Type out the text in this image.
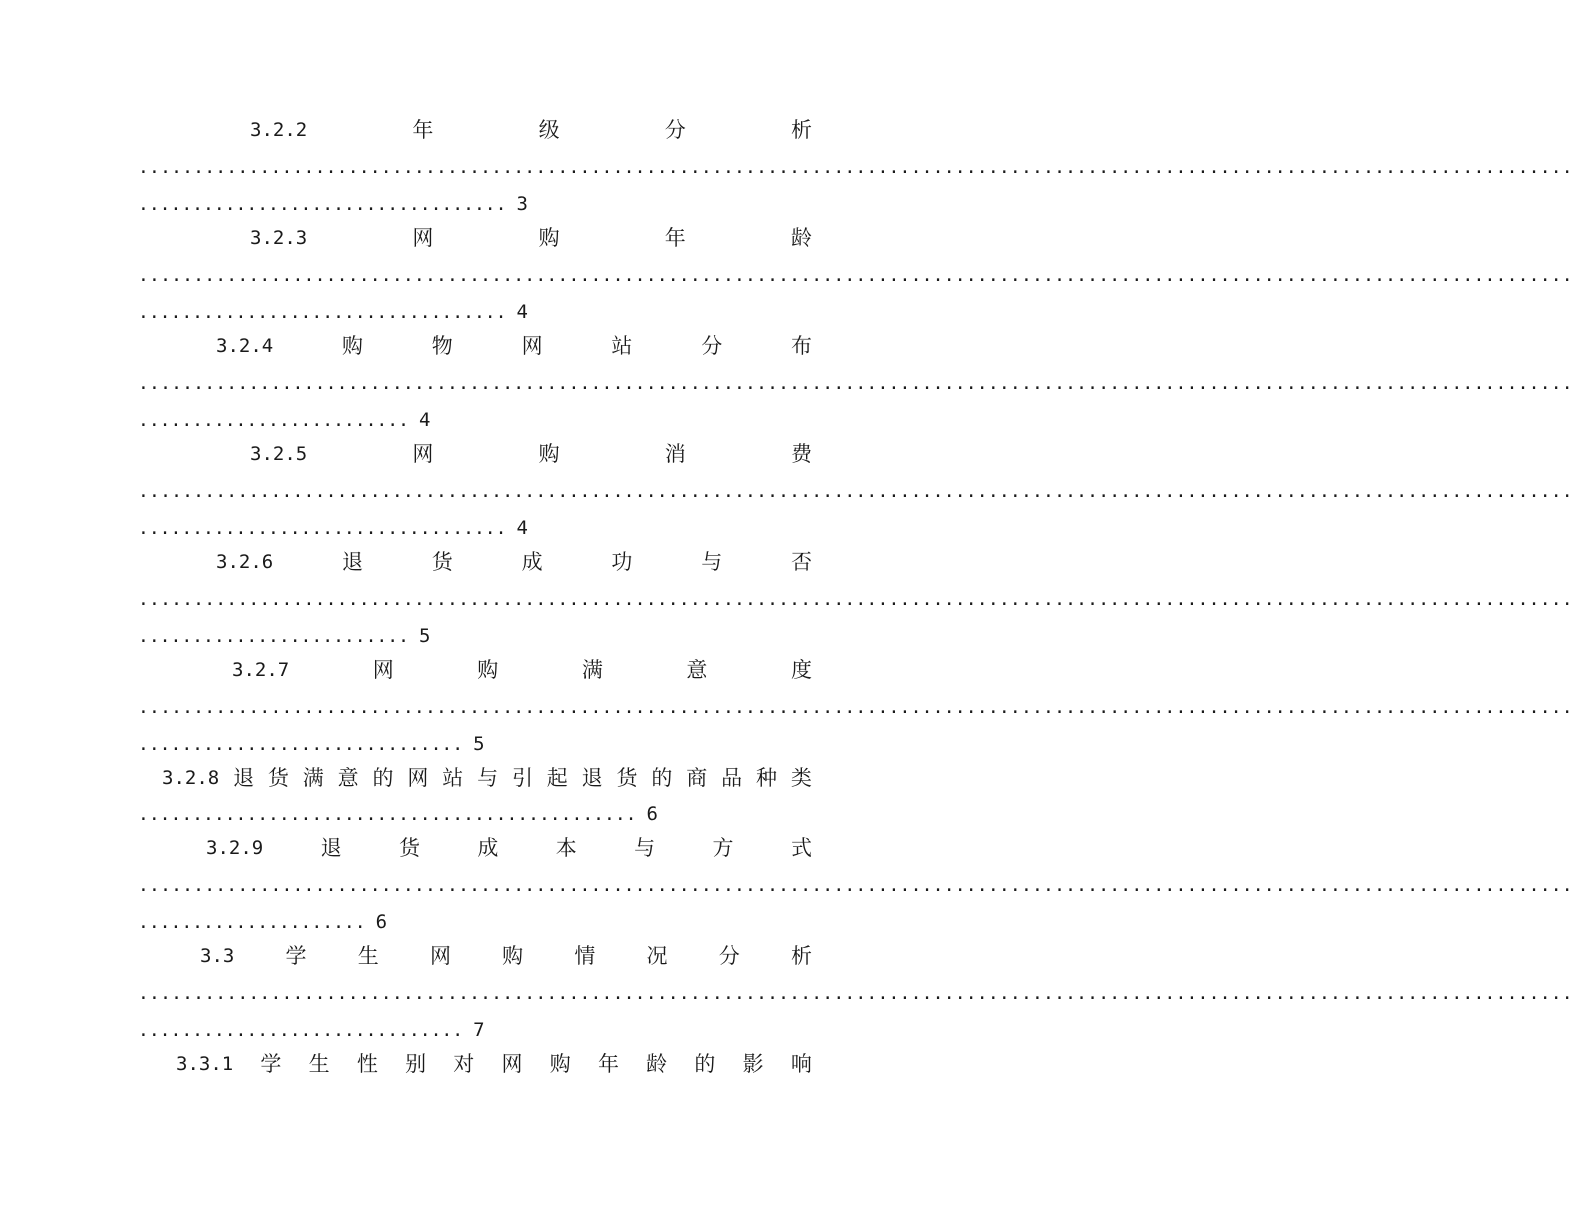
3.2.2	年	级	分	析
..................................................................................................................................
.................................. 3
3.2.3	网	购	年	龄
..................................................................................................................................
.................................. 4
3.2.4	购	物	网	站	分	布
..................................................................................................................................
......................... 4
3.2.5	网	购	消	费
..................................................................................................................................
.................................. 4
3.2.6	退	货	成	功	与	否
..................................................................................................................................
......................... 5
3.2.7	网	购	满	意	度
..................................................................................................................................
.............................. 5
3.2.8 退 货 满 意 的 网 站 与 引 起 退 货 的 商 品 种 类
.............................................. 6
3.2.9	退	货	成	本	与	方	式
..................................................................................................................................
..................... 6
3.3 学 生 网 购 情 况 分 析
..................................................................................................................................
.............................. 7
3.3.1 学 生 性 别 对 网 购 年 龄 的 影 响
